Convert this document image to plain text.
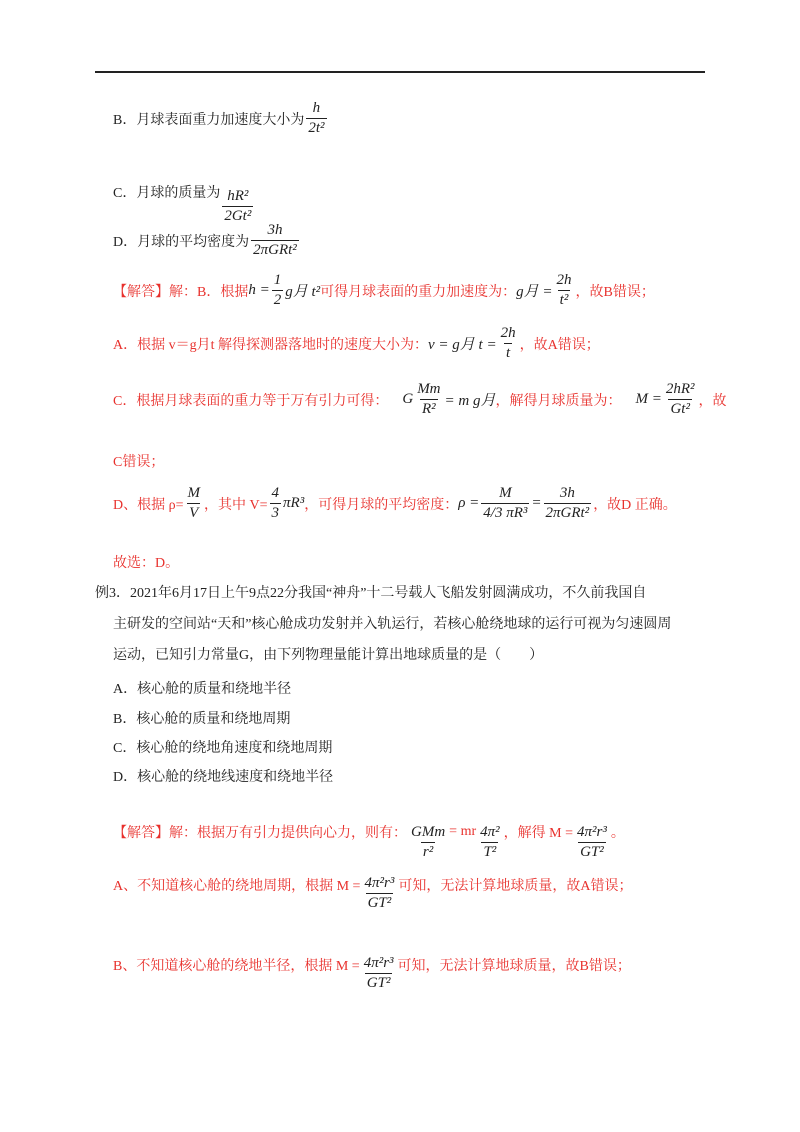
B．月球表面重力加速度大小为 $\frac{h}{\text{2t²}}$
C．月球的质量为 $\frac{\text{hR²}}{\text{2Gt²}}$
D．月球的平均密度为 $\frac{3h}{\text{2πGRt²}}$
【解答】 解：B．根据 $h = \frac{1}{2}$ g月 t² 可得月球表面的重力加速度为： g月 = $\frac{2h}{\text{t²}}$ ，故B错误；
A．根据 v＝g月t 解得探测器落地时的速度大小为： v = g月 $t = \frac{2h}{t}$ ，故A错误；
C．根据月球表面的重力等于万有引力可得： G $\frac{Mm}{\text{R²}} = m$ g月 ，解得月球质量为： $M = \frac{\text{2hR²}}{\text{Gt²}}$ ，故
C错误；
D、根据 $\rho= \frac{M}{V}$ ，其中 $V= \frac{4}{3} \pi R^3$ ，可得月球的平均密度： $\rho = \frac{M}{\text{4/3 πR³}} = \frac{3h}{\text{2πGRt²}}$ ，故D 正确。
故选：D。
例3．2021年6月17日上午9点22分我国“神舟”十二号载人飞船发射圆满成功，不久前我国自
主研发的空间站“天和”核心舱成功发射并入轨运行，若核心舱绕地球的运行可视为匀速圆周
运动，已知引力常量G，由下列物理量能计算出地球质量的是（　　）
A．核心舱的质量和绕地半径
B．核心舱的质量和绕地周期
C．核心舱的绕地角速度和绕地周期
D．核心舱的绕地线速度和绕地半径
【解答】 解：根据万有引力提供向心力，则有： $\frac{\text{GMm}}{\text{r²}}$ = mr $\frac{\text{4π²}}{\text{T²}}$ ，解得 $M = \frac{\text{4π²r³}}{\text{GT²}}$ 。
A、不知道核心舱的绕地周期，根据 $M = \frac{\text{4π²r³}}{\text{GT²}}$ 可知，无法计算地球质量，故A错误；
B、不知道核心舱的绕地半径，根据 $M = \frac{\text{4π²r³}}{\text{GT²}}$ 可知，无法计算地球质量，故B错误；
